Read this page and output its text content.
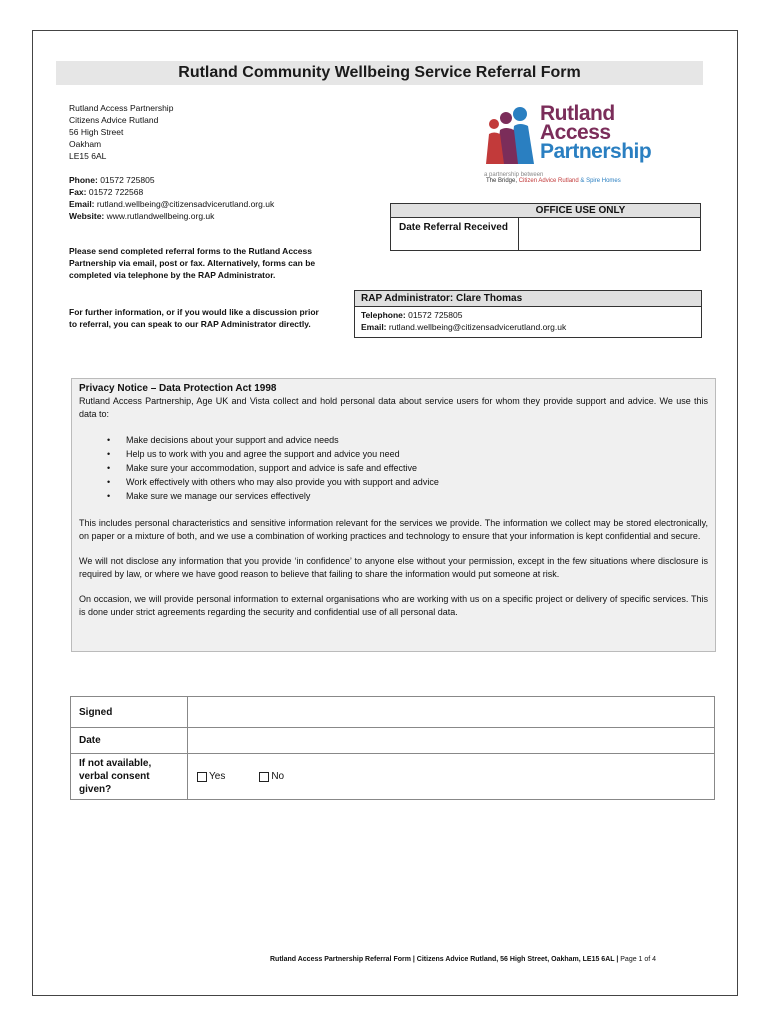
Rutland Community Wellbeing Service Referral Form
Rutland Access Partnership
Citizens Advice Rutland
56 High Street
Oakham
LE15 6AL
Phone: 01572 725805
Fax: 01572 722568
Email: rutland.wellbeing@citizensadvicerutland.org.uk
Website: www.rutlandwellbeing.org.uk
Rutland
Access
Partnership
a partnership between
The Bridge, Citizen Advice Rutland & Spire Homes
OFFICE USE ONLY
Date Referral Received
Please send completed referral forms to the Rutland Access Partnership via email, post or fax. Alternatively, forms can be completed via telephone by the RAP Administrator.
For further information, or if you would like a discussion prior to referral, you can speak to our RAP Administrator directly.
RAP Administrator: Clare Thomas
Telephone: 01572 725805
Email: rutland.wellbeing@citizensadvicerutland.org.uk
Privacy Notice – Data Protection Act 1998

Rutland Access Partnership, Age UK and Vista collect and hold personal data about service users for whom they provide support and advice. We use this data to:

• Make decisions about your support and advice needs
• Help us to work with you and agree the support and advice you need
• Make sure your accommodation, support and advice is safe and effective
• Work effectively with others who may also provide you with support and advice
• Make sure we manage our services effectively

This includes personal characteristics and sensitive information relevant for the services we provide. The information we collect may be stored electronically, on paper or a mixture of both, and we use a combination of working practices and technology to ensure that your information is kept confidential and secure.

We will not disclose any information that you provide ‘in confidence’ to anyone else without your permission, except in the few situations where disclosure is required by law, or where we have good reason to believe that failing to share the information would put someone at risk.

On occasion, we will provide personal information to external organisations who are working with us on a specific project or delivery of specific services. This is done under strict agreements regarding the security and confidential use of all personal data.

Signed
Date
If not available, verbal consent given?
Yes	No
Rutland Access Partnership Referral Form | Citizens Advice Rutland, 56 High Street, Oakham, LE15 6AL | Page 1 of 4
